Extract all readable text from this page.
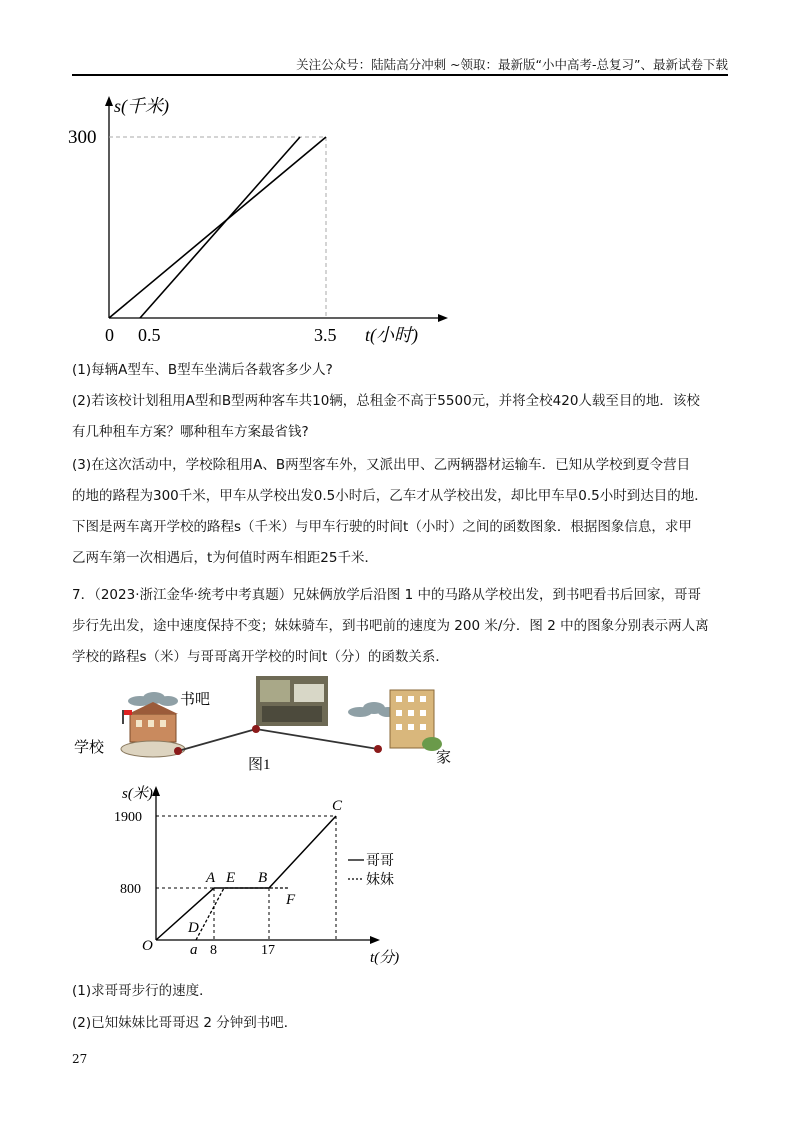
关注公众号：陆陆高分冲刺 ~领取：最新版“小中高考-总复习”、最新试卷下载
s(千米)
300
0 0.5	3.5 t(小时)

(1)每辆A型车、B型车坐满后各载客多少人?

(2)若该校计划租用A型和B型两种客车共10辆，总租金不高于5500元，并将全校420人载至目的地．该校

有几种租车方案？哪种租车方案最省钱?

(3)在这次活动中，学校除租用A、B两型客车外，又派出甲、乙两辆器材运输车．已知从学校到夏令营目

的地的路程为300千米，甲车从学校出发0.5小时后，乙车才从学校出发，却比甲车早0.5小时到达目的地．

下图是两车离开学校的路程s（千米）与甲车行驶的时间t（小时）之间的函数图象．根据图象信息，求甲

乙两车第一次相遇后，t为何值时两车相距25千米．

7．（2023·浙江金华·统考中考真题）兄妹俩放学后沿图 1 中的马路从学校出发，到书吧看书后回家，哥哥

步行先出发，途中速度保持不变；妹妹骑车，到书吧前的速度为 200 米/分．图 2 中的图象分别表示两人离

学校的路程s（米）与哥哥离开学校的时间t（分）的函数关系．

书吧
学校
家
图1
s(米)
1900
800
O a 8	17	t(分)
A E B
C
D
F
哥哥
妹妹

(1)求哥哥步行的速度．

(2)已知妹妹比哥哥迟 2 分钟到书吧．

27
